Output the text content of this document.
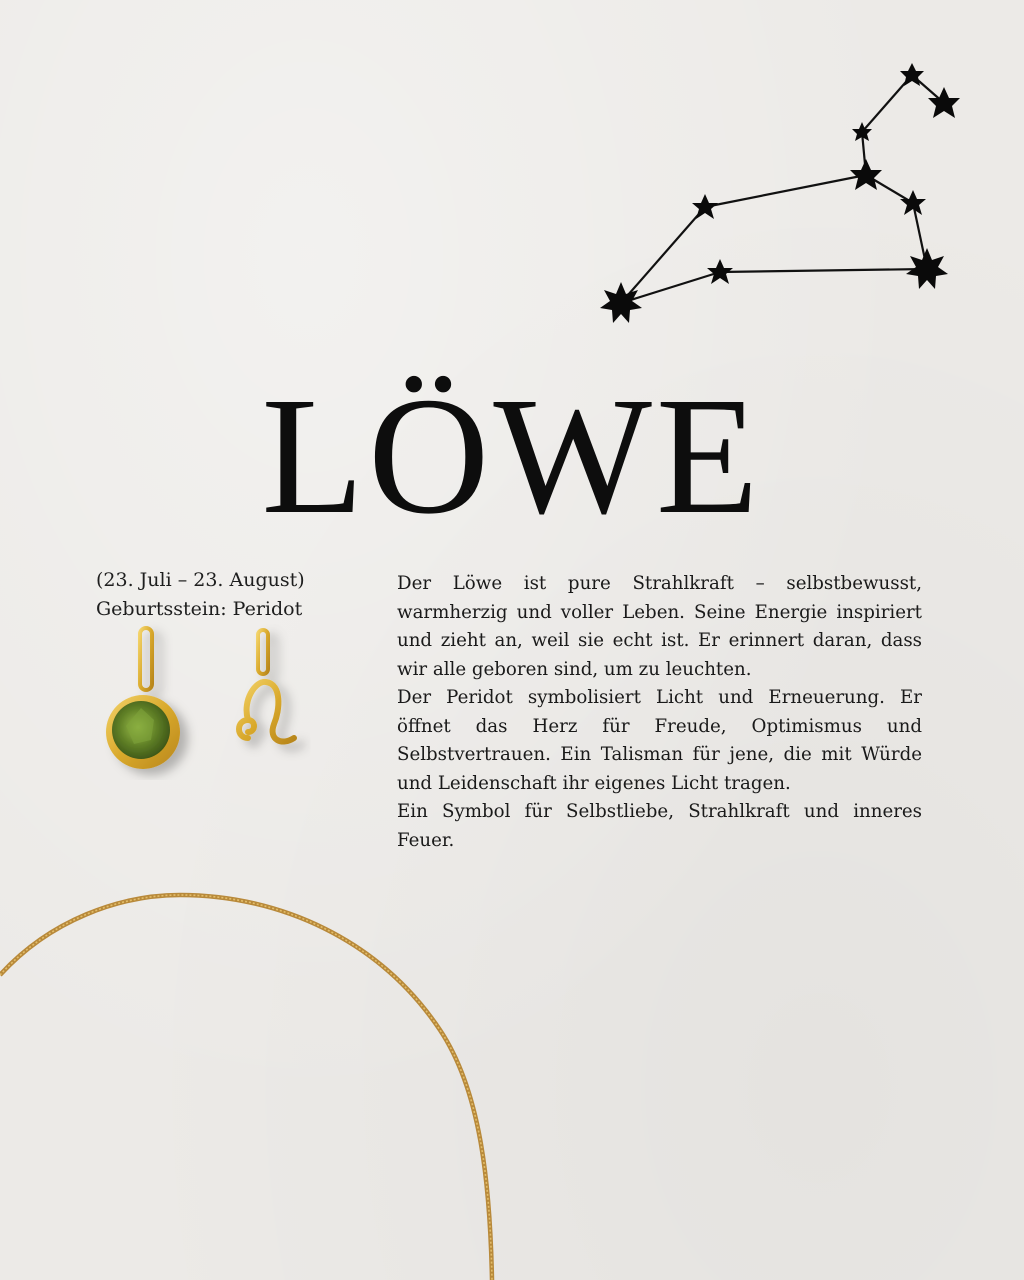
LÖWE
(23. Juli – 23. August)
Geburtsstein: Peridot

Der Löwe ist pure Strahlkraft – selbstbewusst, warmherzig und voller Leben. Seine Energie inspiriert und zieht an, weil sie echt ist. Er erinnert daran, dass wir alle geboren sind, um zu leuchten.

Der Peridot symbolisiert Licht und Erneuerung. Er öffnet das Herz für Freude, Optimismus und Selbstvertrauen. Ein Talisman für jene, die mit Würde und Leidenschaft ihr eigenes Licht tragen.

Ein Symbol für Selbstliebe, Strahlkraft und inneres Feuer.
